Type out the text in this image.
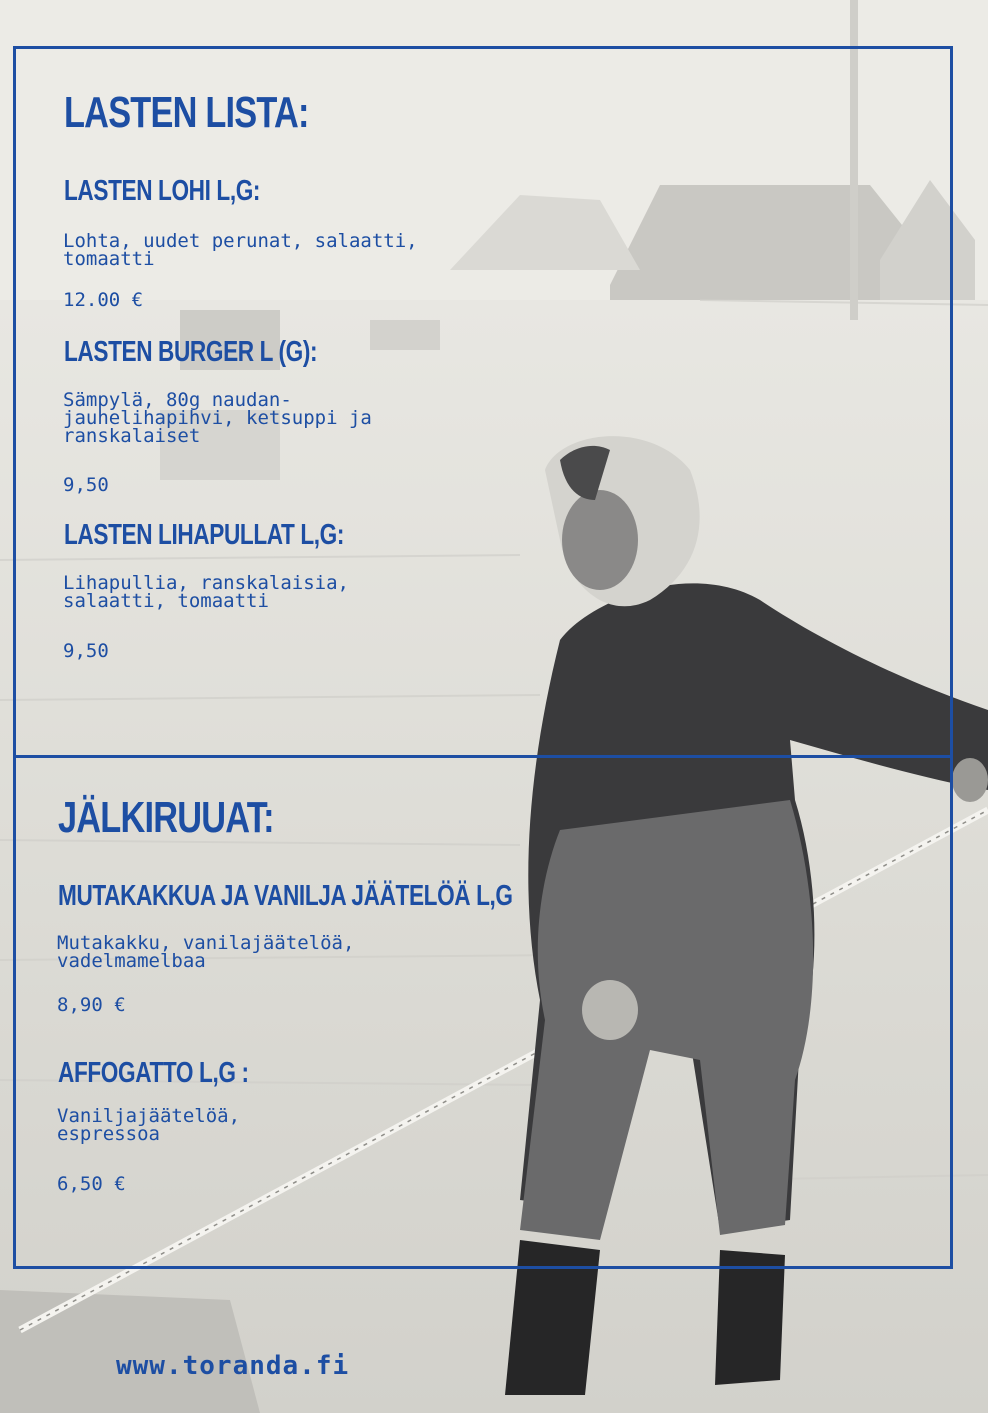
LASTEN LISTA:
LASTEN LOHI L,G:

Lohta, uudet perunat, salaatti,
tomaatti

12.00 €

LASTEN BURGER L (G):

Sämpylä, 80g naudan-
jauhelihapihvi, ketsuppi ja
ranskalaiset

9,50

LASTEN LIHAPULLAT L,G:

Lihapullia, ranskalaisia,
salaatti, tomaatti

9,50

JÄLKIRUUAT:
MUTAKAKKUA JA VANILJA JÄÄTELÖÄ L,G

Mutakakku, vanilajäätelöä,
vadelmamelbaa

8,90 €

AFFOGATTO L,G :

Vaniljajäätelöä,
espressoa

6,50 €

www.toranda.fi
